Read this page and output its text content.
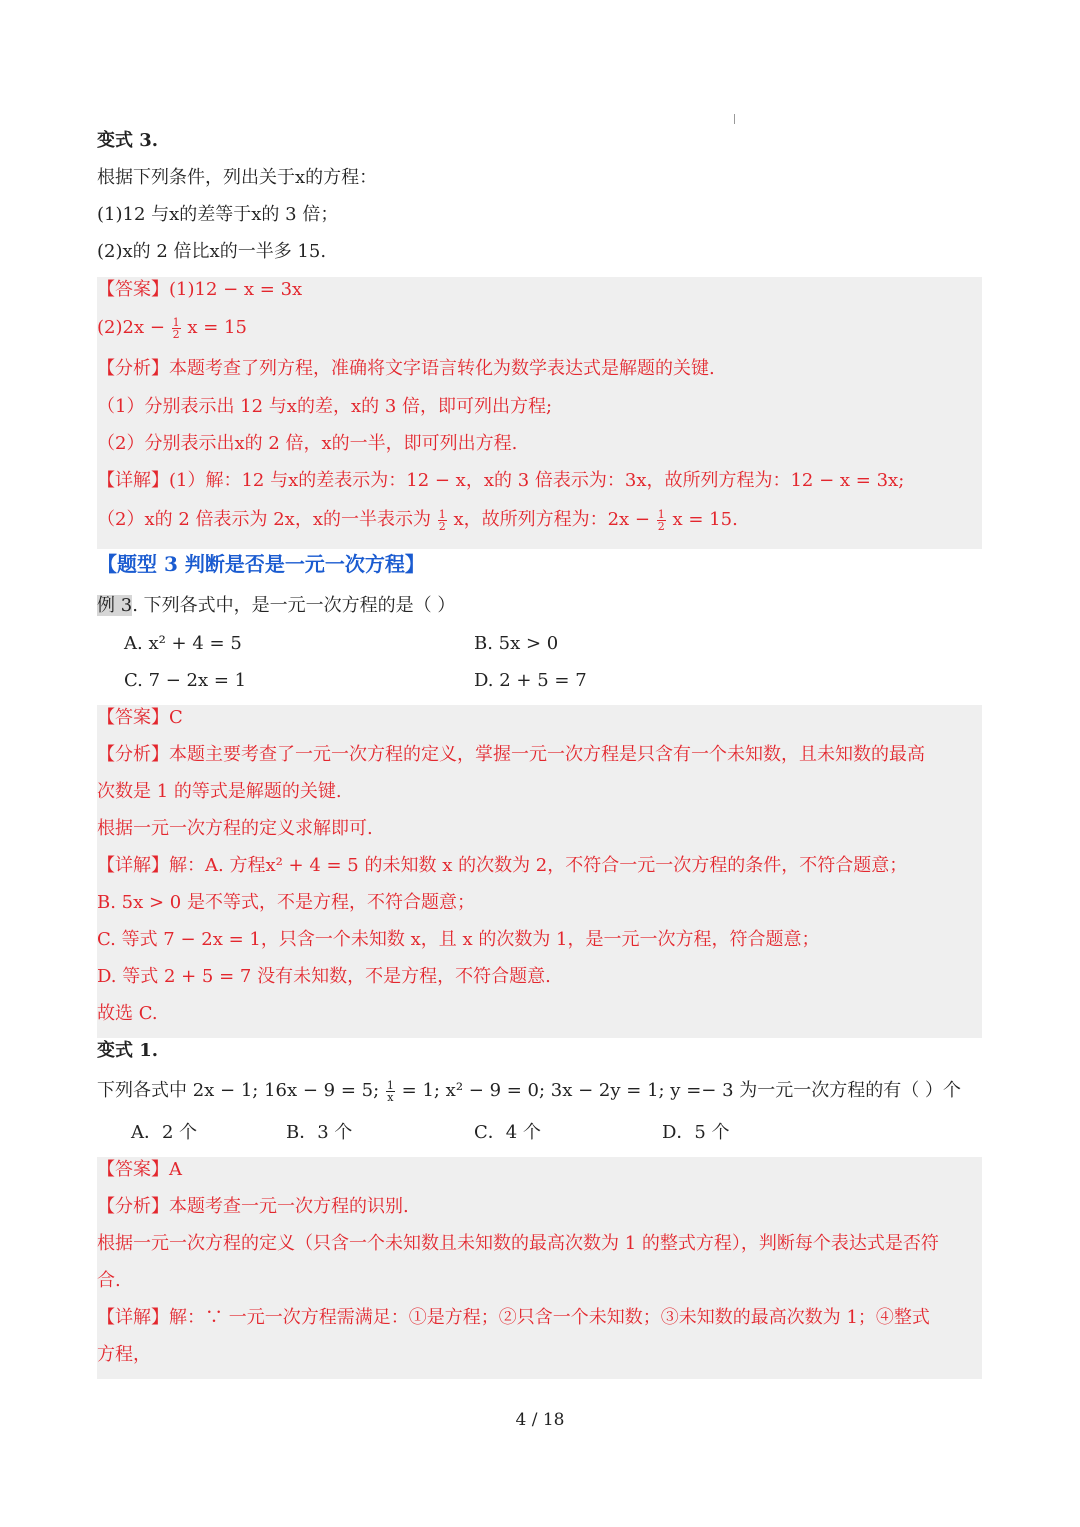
变式 3.
根据下列条件，列出关于x的方程：
(1)12 与x的差等于x的 3 倍；
(2)x的 2 倍比x的一半多 15.
【答案】(1)12 − x = 3x
$(2)2x - \frac{1}{2}$ x = 15
【分析】本题考查了列方程，准确将文字语言转化为数学表达式是解题的关键.
（1）分别表示出 12 与x的差，x的 3 倍，即可列出方程;
（2）分别表示出x的 2 倍，x的一半，即可列出方程.
【详解】(1）解：12 与x的差表示为：12 − x，x的 3 倍表示为：3x，故所列方程为：12 − x = 3x;
（2）x的 2 倍表示为 2x，x的一半表示为 $\frac{1}{2}$ x，故所列方程为：$2x - \frac{1}{2}$ x = 15.
【题型 3 判断是否是一元一次方程】
例 3. 下列各式中，是一元一次方程的是（ ）
A. x² + 4 = 5	B. 5x > 0
C. 7 − 2x = 1	D. 2 + 5 = 7
【答案】C
【分析】本题主要考查了一元一次方程的定义，掌握一元一次方程是只含有一个未知数，且未知数的最高
次数是 1 的等式是解题的关键.
根据一元一次方程的定义求解即可.
【详解】解：A. 方程x² + 4 = 5 的未知数 x 的次数为 2，不符合一元一次方程的条件，不符合题意；
B. 5x > 0 是不等式，不是方程，不符合题意；
C. 等式 7 − 2x = 1，只含一个未知数 x，且 x 的次数为 1，是一元一次方程，符合题意；
D. 等式 2 + 5 = 7 没有未知数，不是方程，不符合题意.
故选 C.
变式 1.
下列各式中 2x − 1; 16x − 9 = 5; $\frac{1}{x} = 1$; x² − 9 = 0; 3x − 2y = 1; y =− 3 为一元一次方程的有（ ）个
A．2 个	B．3 个	C．4 个	D．5 个
【答案】A
【分析】本题考查一元一次方程的识别.
根据一元一次方程的定义（只含一个未知数且未知数的最高次数为 1 的整式方程），判断每个表达式是否符
合.
【详解】解：∵ 一元一次方程需满足：①是方程；②只含一个未知数；③未知数的最高次数为 1；④整式
方程，
4 / 18
